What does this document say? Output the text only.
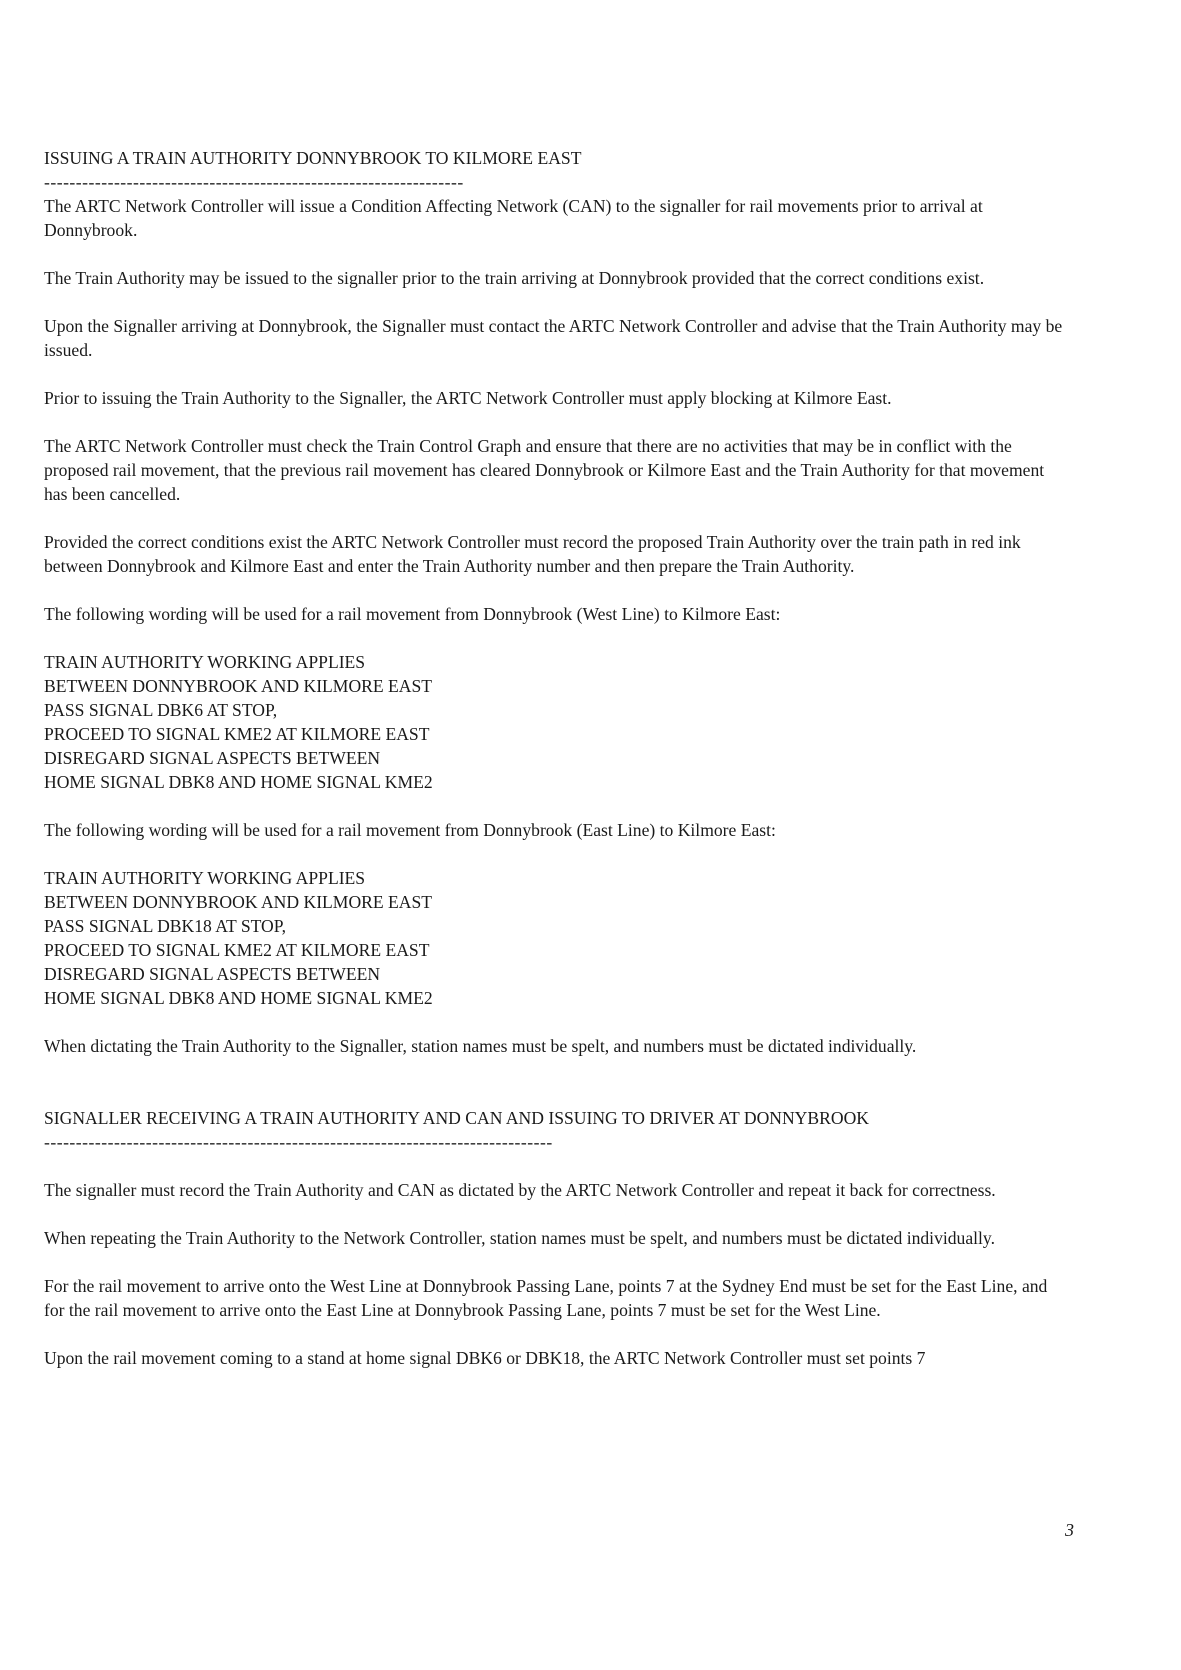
ISSUING A TRAIN AUTHORITY DONNYBROOK TO KILMORE EAST

------------------------------------------------------------------

The ARTC Network Controller will issue a Condition Affecting Network (CAN) to the signaller for rail movements prior to arrival at Donnybrook.

The Train Authority may be issued to the signaller prior to the train arriving at Donnybrook provided that the correct conditions exist.

Upon the Signaller arriving at Donnybrook, the Signaller must contact the ARTC Network Controller and advise that the Train Authority may be issued.

Prior to issuing the Train Authority to the Signaller, the ARTC Network Controller must apply blocking at Kilmore East.

The ARTC Network Controller must check the Train Control Graph and ensure that there are no activities that may be in conflict with the proposed rail movement, that the previous rail movement has cleared Donnybrook or Kilmore East and the Train Authority for that movement has been cancelled.

Provided the correct conditions exist the ARTC Network Controller must record the proposed Train Authority over the train path in red ink between Donnybrook and Kilmore East and enter the Train Authority number and then prepare the Train Authority.

The following wording will be used for a rail movement from Donnybrook (West Line) to Kilmore East:

TRAIN AUTHORITY WORKING APPLIES

BETWEEN DONNYBROOK AND KILMORE EAST

PASS SIGNAL DBK6 AT STOP,

PROCEED TO SIGNAL KME2 AT KILMORE EAST

DISREGARD SIGNAL ASPECTS BETWEEN

HOME SIGNAL DBK8 AND HOME SIGNAL KME2

The following wording will be used for a rail movement from Donnybrook (East Line) to Kilmore East:

TRAIN AUTHORITY WORKING APPLIES

BETWEEN DONNYBROOK AND KILMORE EAST

PASS SIGNAL DBK18 AT STOP,

PROCEED TO SIGNAL KME2 AT KILMORE EAST

DISREGARD SIGNAL ASPECTS BETWEEN

HOME SIGNAL DBK8 AND HOME SIGNAL KME2

When dictating the Train Authority to the Signaller, station names must be spelt, and numbers must be dictated individually.

SIGNALLER RECEIVING A TRAIN AUTHORITY AND CAN AND ISSUING TO DRIVER AT DONNYBROOK

--------------------------------------------------------------------------------

The signaller must record the Train Authority and CAN as dictated by the ARTC Network Controller and repeat it back for correctness.

When repeating the Train Authority to the Network Controller, station names must be spelt, and numbers must be dictated individually.

For the rail movement to arrive onto the West Line at Donnybrook Passing Lane, points 7 at the Sydney End must be set for the East Line, and for the rail movement to arrive onto the East Line at Donnybrook Passing Lane, points 7 must be set for the West Line.

Upon the rail movement coming to a stand at home signal DBK6 or DBK18, the ARTC Network Controller must set points 7

3
